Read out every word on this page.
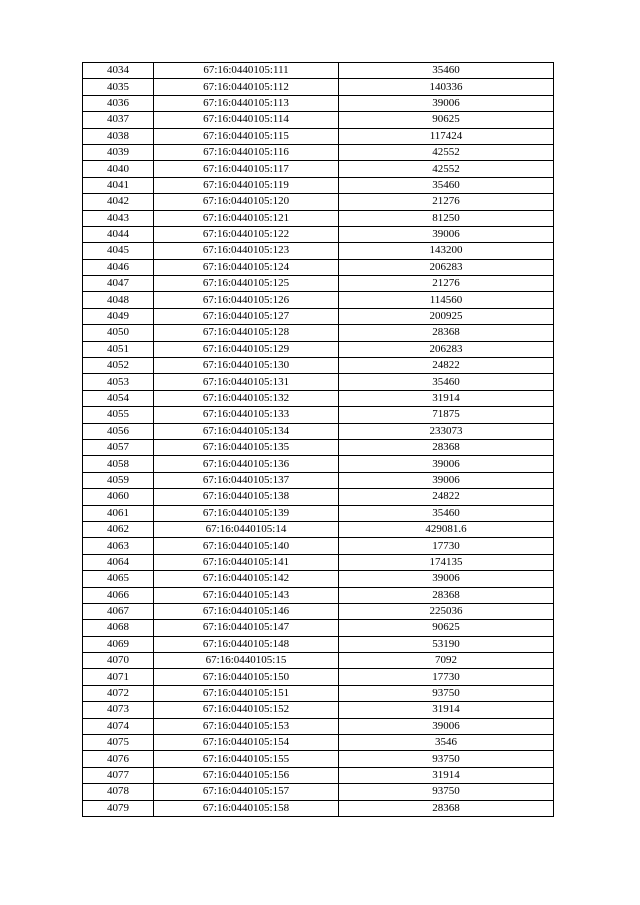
4034	67:16:0440105:111	35460
4035	67:16:0440105:112	140336
4036	67:16:0440105:113	39006
4037	67:16:0440105:114	90625
4038	67:16:0440105:115	117424
4039	67:16:0440105:116	42552
4040	67:16:0440105:117	42552
4041	67:16:0440105:119	35460
4042	67:16:0440105:120	21276
4043	67:16:0440105:121	81250
4044	67:16:0440105:122	39006
4045	67:16:0440105:123	143200
4046	67:16:0440105:124	206283
4047	67:16:0440105:125	21276
4048	67:16:0440105:126	114560
4049	67:16:0440105:127	200925
4050	67:16:0440105:128	28368
4051	67:16:0440105:129	206283
4052	67:16:0440105:130	24822
4053	67:16:0440105:131	35460
4054	67:16:0440105:132	31914
4055	67:16:0440105:133	71875
4056	67:16:0440105:134	233073
4057	67:16:0440105:135	28368
4058	67:16:0440105:136	39006
4059	67:16:0440105:137	39006
4060	67:16:0440105:138	24822
4061	67:16:0440105:139	35460
4062	67:16:0440105:14	429081.6
4063	67:16:0440105:140	17730
4064	67:16:0440105:141	174135
4065	67:16:0440105:142	39006
4066	67:16:0440105:143	28368
4067	67:16:0440105:146	225036
4068	67:16:0440105:147	90625
4069	67:16:0440105:148	53190
4070	67:16:0440105:15	7092
4071	67:16:0440105:150	17730
4072	67:16:0440105:151	93750
4073	67:16:0440105:152	31914
4074	67:16:0440105:153	39006
4075	67:16:0440105:154	3546
4076	67:16:0440105:155	93750
4077	67:16:0440105:156	31914
4078	67:16:0440105:157	93750
4079	67:16:0440105:158	28368
